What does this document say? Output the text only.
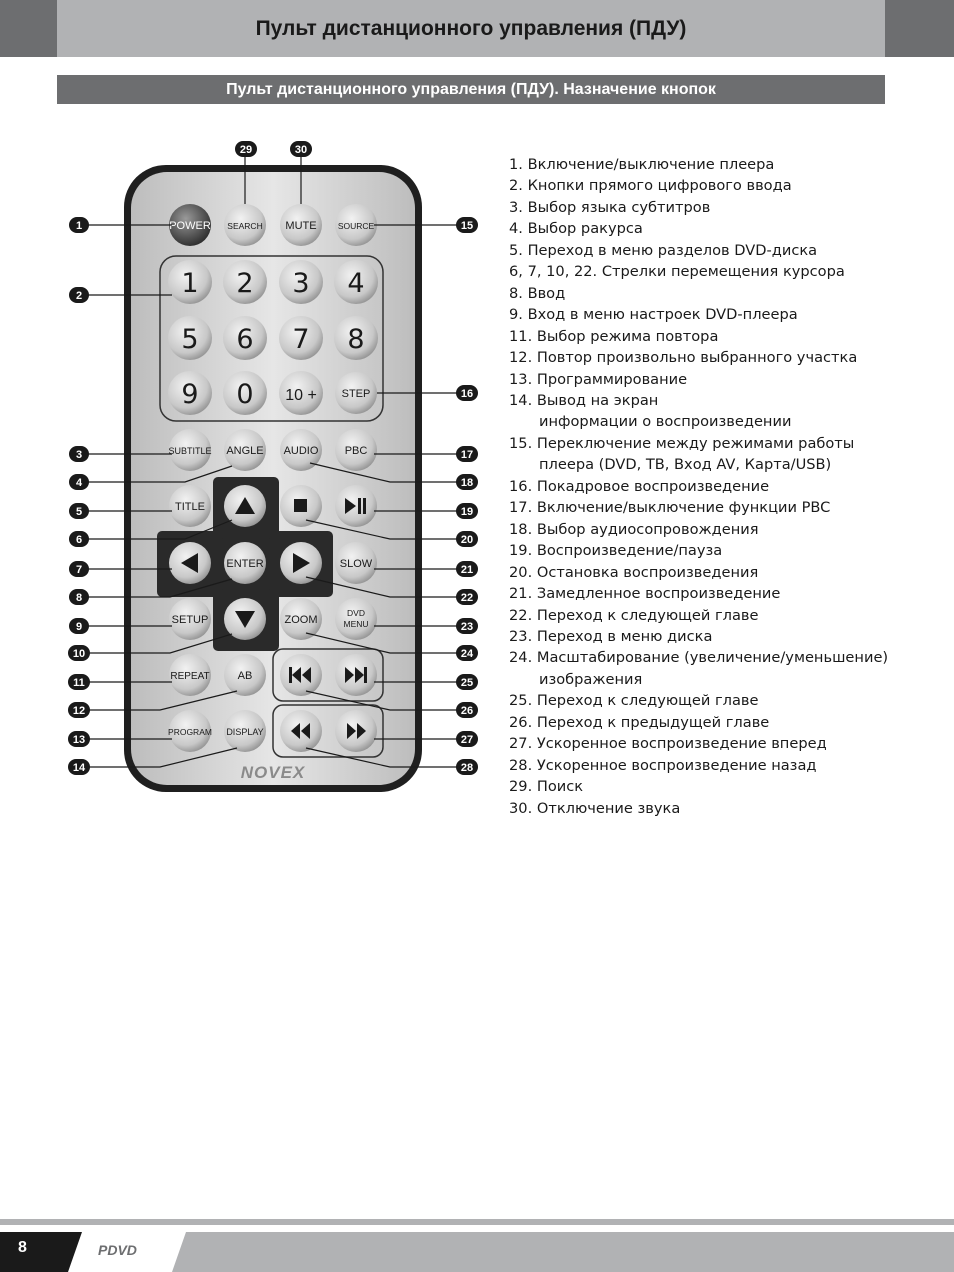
Пульт дистанционного управления (ПДУ)
Пульт дистанционного управления (ПДУ). Назначение кнопок
POWER SEARCH MUTE SOURCE
1 2 3 4
5 6 7 8
9 0 10 + STEP
SUBTITLE ANGLE AUDIO PBC
TITLE
ENTER	SLOW
SETUP	ZOOM
DVD
MENU
REPEAT	AB
PROGRAM DISPLAY
NOVEX
1
2
3
4
5
6
7
8
9
10
11
12
13
14
15
16
17
18
19
20
21
22
23
24
25
26
27
28
29	30
1. Включение/выключение плеера
2. Кнопки прямого цифрового ввода
3. Выбор языка субтитров
4. Выбор ракурса
5. Переход в меню разделов DVD-диска
6, 7, 10, 22. Стрелки перемещения курсора
8. Ввод
9. Вход в меню настроек DVD-плеера
11. Выбор режима повтора
12. Повтор произвольно выбранного участка
13. Программирование
14. Вывод на экран
информации о воспроизведении
15. Переключение между режимами работы
плеера (DVD, ТВ, Вход AV, Карта/USB)
16. Покадровое воспроизведение
17. Включение/выключение функции PBC
18. Выбор аудиосопровождения
19. Воспроизведение/пауза
20. Остановка воспроизведения
21. Замедленное воспроизведение
22. Переход к следующей главе
23. Переход в меню диска
24. Масштабирование (увеличение/уменьшение)
изображения
25. Переход к следующей главе
26. Переход к предыдущей главе
27. Ускоренное воспроизведение вперед
28. Ускоренное воспроизведение назад
29. Поиск
30. Отключение звука
8	PDVD
